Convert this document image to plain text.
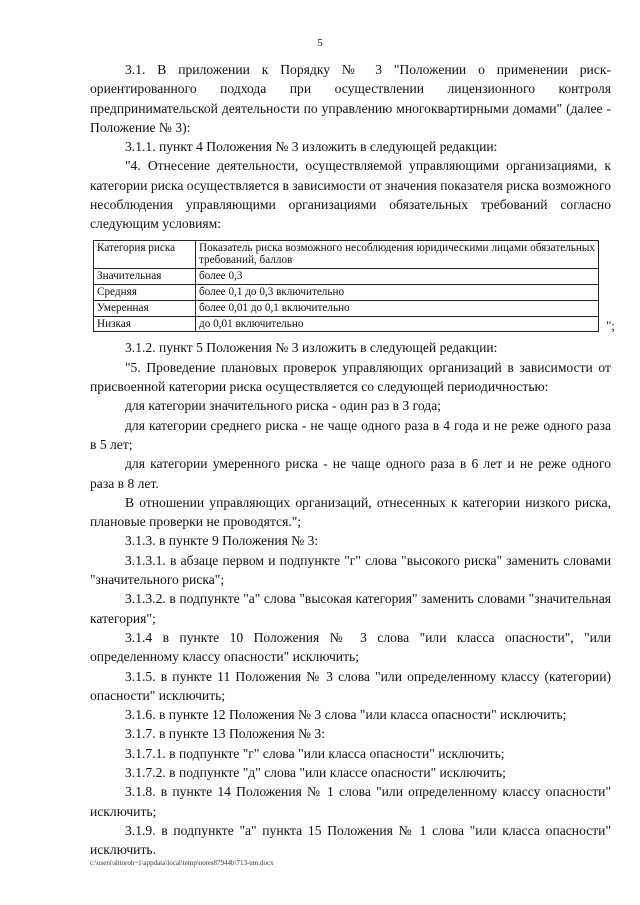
5

3.1. В приложении к Порядку № 3 "Положении о применении риск-ориентированного подхода при осуществлении лицензионного контроля предпринимательской деятельности по управлению многоквартирными домами" (далее - Положение № 3):

3.1.1. пункт 4 Положения № 3 изложить в следующей редакции:

"4. Отнесение деятельности, осуществляемой управляющими организациями, к категории риска осуществляется в зависимости от значения показателя риска возможного несоблюдения управляющими организациями обязательных требований согласно следующим условиям:

Категория риска	Показатель риска возможного несоблюдения юридическими лицами обязательных требований, баллов
Значительная	более 0,3
Средняя	более 0,1 до 0,3 включительно
Умеренная	более 0,01 до 0,1 включительно
Низкая	до 0,01 включительно	";

3.1.2. пункт 5 Положения № 3 изложить в следующей редакции:

"5. Проведение плановых проверок управляющих организаций в зависимости от присвоенной категории риска осуществляется со следующей периодичностью:

для категории значительного риска - один раз в 3 года;

для категории среднего риска - не чаще одного раза в 4 года и не реже одного раза в 5 лет;

для категории умеренного риска - не чаще одного раза в 6 лет и не реже одного раза в 8 лет.

В отношении управляющих организаций, отнесенных к категории низкого риска, плановые проверки не проводятся.";

3.1.3. в пункте 9 Положения № 3:

3.1.3.1. в абзаце первом и подпункте "г" слова "высокого риска" заменить словами "значительного риска";

3.1.3.2. в подпункте "а" слова "высокая категория" заменить словами "значительная категория";

3.1.4 в пункте 10 Положения № 3 слова "или класса опасности", "или определенному классу опасности" исключить;

3.1.5. в пункте 11 Положения № 3 слова "или определенному классу (категории) опасности" исключить;

3.1.6. в пункте 12 Положения № 3 слова "или класса опасности" исключить;

3.1.7. в пункте 13 Положения № 3:

3.1.7.1. в подпункте "г" слова "или класса опасности" исключить;

3.1.7.2. в подпункте "д" слова "или классе опасности" исключить;

3.1.8. в пункте 14 Положения № 1 слова "или определенному классу опасности" исключить;

3.1.9. в подпункте "а" пункта 15 Положения № 1 слова "или класса опасности" исключить.

c:\users\shtoroh~1\appdata\local\temp\notes87944b\713-um.docx
